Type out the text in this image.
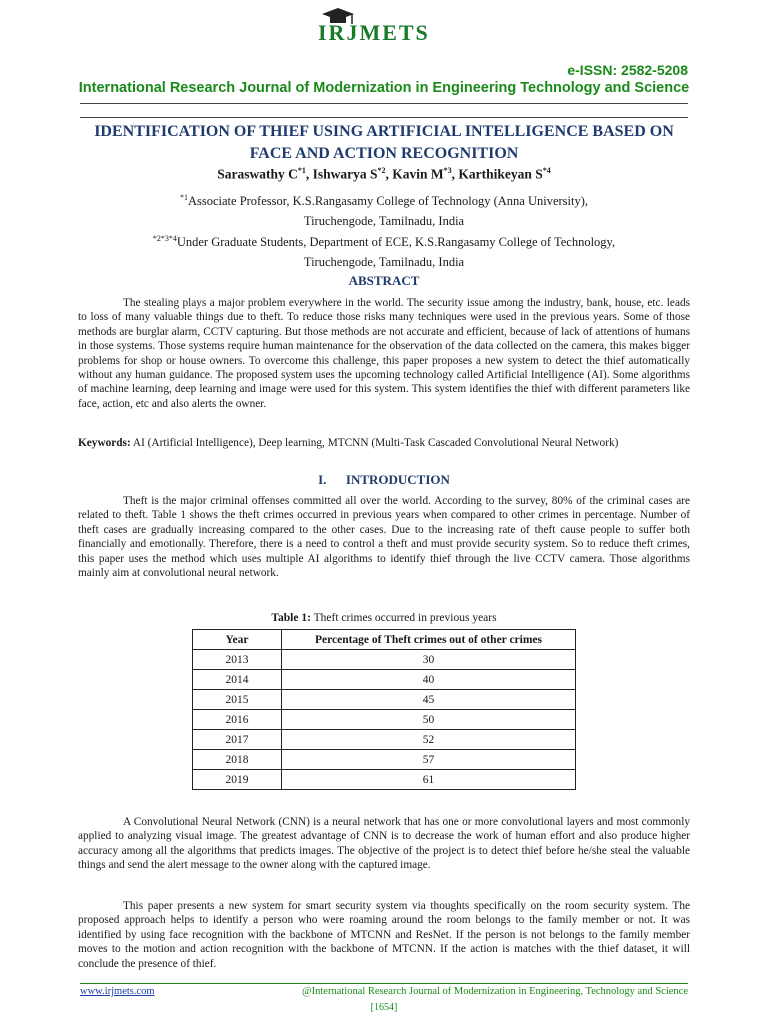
IRJMETS
e-ISSN: 2582-5208
International Research Journal of Modernization in Engineering Technology and Science
IDENTIFICATION OF THIEF USING ARTIFICIAL INTELLIGENCE BASED ON FACE AND ACTION RECOGNITION
Saraswathy $C^{*1}$, Ishwarya $S^{*2}$, Kavin $M^{*3}$, Karthikeyan $S^{*4}$
$^{*1}$Associate Professor, K.S.Rangasamy College of Technology (Anna University),
Tiruchengode, Tamilnadu, India
$^{*2*3*4}$Under Graduate Students, Department of ECE, K.S.Rangasamy College of Technology,
Tiruchengode, Tamilnadu, India
ABSTRACT

The stealing plays a major problem everywhere in the world. The security issue among the industry, bank, house, etc. leads to loss of many valuable things due to theft. To reduce those risks many techniques were used in the previous years. Some of those methods are burglar alarm, CCTV capturing. But those methods are not accurate and efficient, because of lack of attentions of humans in those systems. Those systems require human maintenance for the observation of the data collected on the camera, this makes bigger problems for shop or house owners. To overcome this challenge, this paper proposes a new system to detect the thief automatically without any human guidance. The proposed system uses the upcoming technology called Artificial Intelligence (AI). Some algorithms of machine learning, deep learning and image were used for this system. This system identifies the thief with different parameters like face, action, etc and also alerts the owner.

Keywords: AI (Artificial Intelligence), Deep learning, MTCNN (Multi-Task Cascaded Convolutional Neural Network)

I. INTRODUCTION

Theft is the major criminal offenses committed all over the world. According to the survey, 80% of the criminal cases are related to theft. Table 1 shows the theft crimes occurred in previous years when compared to other crimes in percentage. Number of theft cases are gradually increasing compared to the other cases. Due to the increasing rate of theft cause people to suffer both financially and emotionally. Therefore, there is a need to control a theft and must provide security system. So to reduce theft crimes, this paper uses the method which uses multiple AI algorithms to identify thief through the live CCTV camera. Those algorithms mainly aim at convolutional neural network.

Table 1: Theft crimes occurred in previous years
Year	Percentage of Theft crimes out of other crimes
2013	30
2014	40
2015	45
2016	50
2017	52
2018	57
2019	61

A Convolutional Neural Network (CNN) is a neural network that has one or more convolutional layers and most commonly applied to analyzing visual image. The greatest advantage of CNN is to decrease the work of human effort and also produce higher accuracy among all the algorithms that predicts images. The objective of the project is to detect thief before he/she steal the valuable things and send the alert message to the owner along with the captured image.

This paper presents a new system for smart security system via thoughts specifically on the room security system. The proposed approach helps to identify a person who were roaming around the room belongs to the family member or not. It was identified by using face recognition with the backbone of MTCNN and ResNet. If the person is not belongs to the family member moves to the motion and action recognition with the backbone of MTCNN. If the action is matches with the thief dataset, it will conclude the presence of thief.

www.irjmets.com	@International Research Journal of Modernization in Engineering, Technology and Science
[1654]
